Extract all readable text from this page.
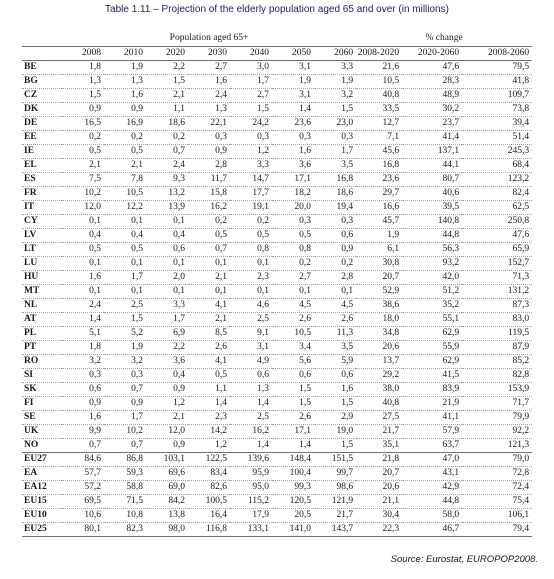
Table 1.11 – Projection of the elderly population aged 65 and over (in millions)
	Population aged 65+							% change		
	2008	2010	2020	2030	2040	2050	2060	2008-2020	2020-2060	2008-2060
BE	1,8	1,9	2,2	2,7	3,0	3,1	3,3	21,6	47,6	79,5
BG	1,3	1,3	1,5	1,6	1,7	1,9	1,9	10,5	28,3	41,8
CZ	1,5	1,6	2,1	2,4	2,7	3,1	3,2	40,8	48,9	109,7
DK	0,9	0,9	1,1	1,3	1,5	1,4	1,5	33,5	30,2	73,8
DE	16,5	16,9	18,6	22,1	24,2	23,6	23,0	12,7	23,7	39,4
EE	0,2	0,2	0,2	0,3	0,3	0,3	0,3	7,1	41,4	51,4
IE	0,5	0,5	0,7	0,9	1,2	1,6	1,7	45,6	137,1	245,3
EL	2,1	2,1	2,4	2,8	3,3	3,6	3,5	16,8	44,1	68,4
ES	7,5	7,8	9,3	11,7	14,7	17,1	16,8	23,6	80,7	123,2
FR	10,2	10,5	13,2	15,8	17,7	18,2	18,6	29,7	40,6	82,4
IT	12,0	12,2	13,9	16,2	19,1	20,0	19,4	16,6	39,5	62,5
CY	0,1	0,1	0,1	0,2	0,2	0,3	0,3	45,7	140,8	250,8
LV	0,4	0,4	0,4	0,5	0,5	0,5	0,6	1,9	44,8	47,6
LT	0,5	0,5	0,6	0,7	0,8	0,8	0,9	6,1	56,3	65,9
LU	0,1	0,1	0,1	0,1	0,1	0,2	0,2	30,8	93,2	152,7
HU	1,6	1,7	2,0	2,1	2,3	2,7	2,8	20,7	42,0	71,3
MT	0,1	0,1	0,1	0,1	0,1	0,1	0,1	52,9	51,2	131,2
NL	2,4	2,5	3,3	4,1	4,6	4,5	4,5	38,6	35,2	87,3
AT	1,4	1,5	1,7	2,1	2,5	2,6	2,6	18,0	55,1	83,0
PL	5,1	5,2	6,9	8,5	9,1	10,5	11,3	34,8	62,9	119,5
PT	1,8	1,9	2,2	2,6	3,1	3,4	3,5	20,6	55,9	87,9
RO	3,2	3,2	3,6	4,1	4,9	5,6	5,9	13,7	62,9	85,2
SI	0,3	0,3	0,4	0,5	0,6	0,6	0,6	29,2	41,5	82,8
SK	0,6	0,7	0,9	1,1	1,3	1,5	1,6	38,0	83,9	153,9
FI	0,9	0,9	1,2	1,4	1,4	1,5	1,5	40,8	21,9	71,7
SE	1,6	1,7	2,1	2,3	2,5	2,6	2,9	27,5	41,1	79,9
UK	9,9	10,2	12,0	14,2	16,2	17,1	19,0	21,7	57,9	92,2
NO	0,7	0,7	0,9	1,2	1,4	1,4	1,5	35,1	63,7	121,3
EU27	84,6	86,8	103,1	122,5	139,6	148,4	151,5	21,8	47,0	79,0
EA	57,7	59,3	69,6	83,4	95,9	100,4	99,7	20,7	43,1	72,8
EA12	57,2	58,8	69,0	82,6	95,0	99,3	98,6	20,6	42,9	72,4
EU15	69,5	71,5	84,2	100,5	115,2	120,5	121,9	21,1	44,8	75,4
EU10	10,6	10,8	13,8	16,4	17,9	20,5	21,7	30,4	58,0	106,1
EU25	80,1	82,3	98,0	116,8	133,1	141,0	143,7	22,3	46,7	79,4
Source: Eurostat, EUROPOP2008.
